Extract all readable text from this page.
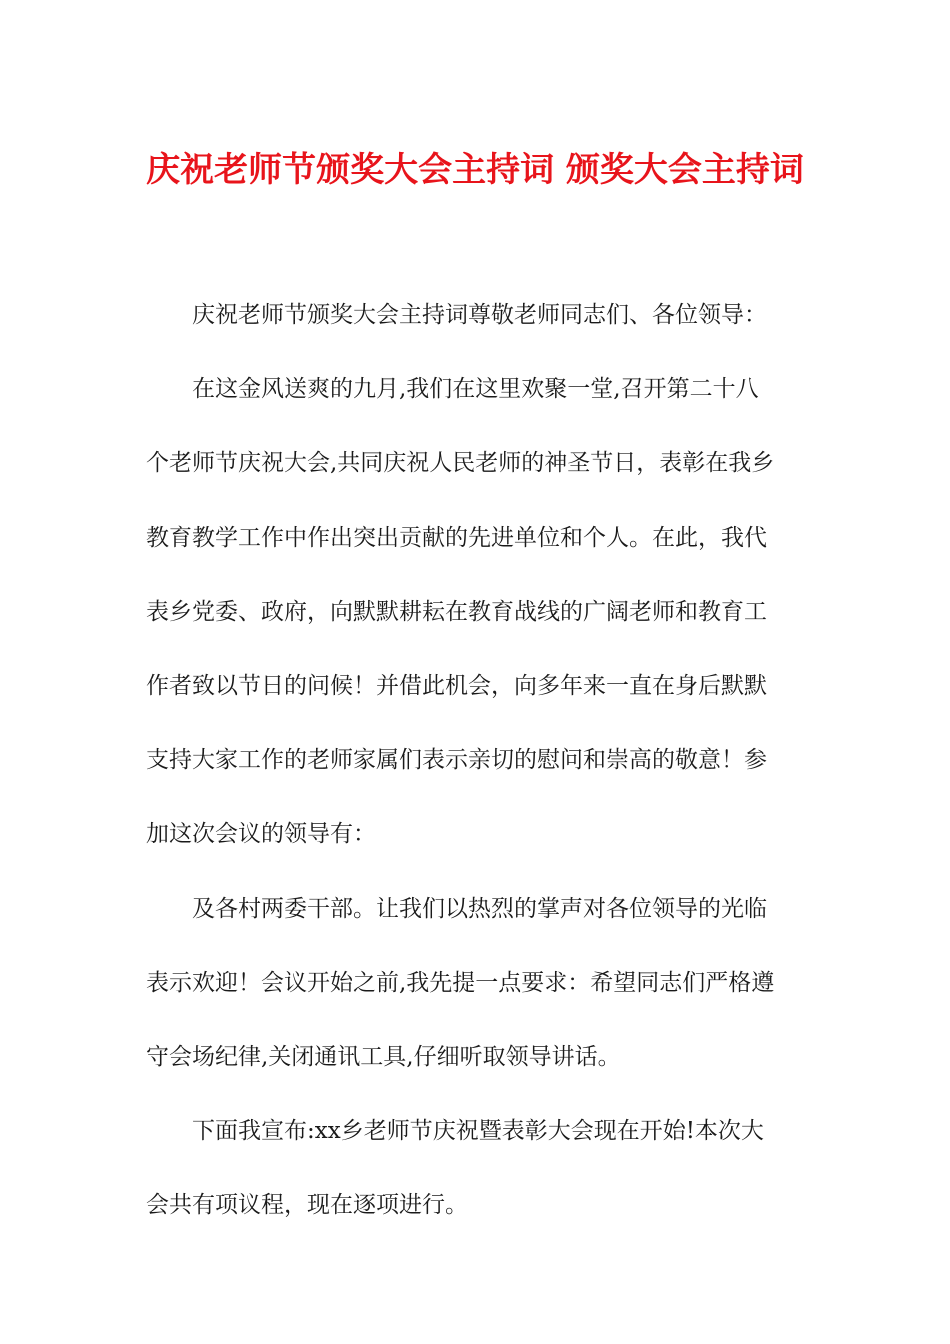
庆祝老师节颁奖大会主持词 颁奖大会主持词
庆祝老师节颁奖大会主持词尊敬老师同志们、各位领导：
在这金风送爽的九月,我们在这里欢聚一堂,召开第二十八
个老师节庆祝大会,共同庆祝人民老师的神圣节日，表彰在我乡
教育教学工作中作出突出贡献的先进单位和个人。在此，我代
表乡党委、政府，向默默耕耘在教育战线的广阔老师和教育工
作者致以节日的问候！并借此机会，向多年来一直在身后默默
支持大家工作的老师家属们表示亲切的慰问和崇高的敬意！参
加这次会议的领导有：
及各村两委干部。让我们以热烈的掌声对各位领导的光临
表示欢迎！会议开始之前,我先提一点要求：希望同志们严格遵
守会场纪律,关闭通讯工具,仔细听取领导讲话。
下面我宣布:xx乡老师节庆祝暨表彰大会现在开始!本次大
会共有项议程，现在逐项进行。
